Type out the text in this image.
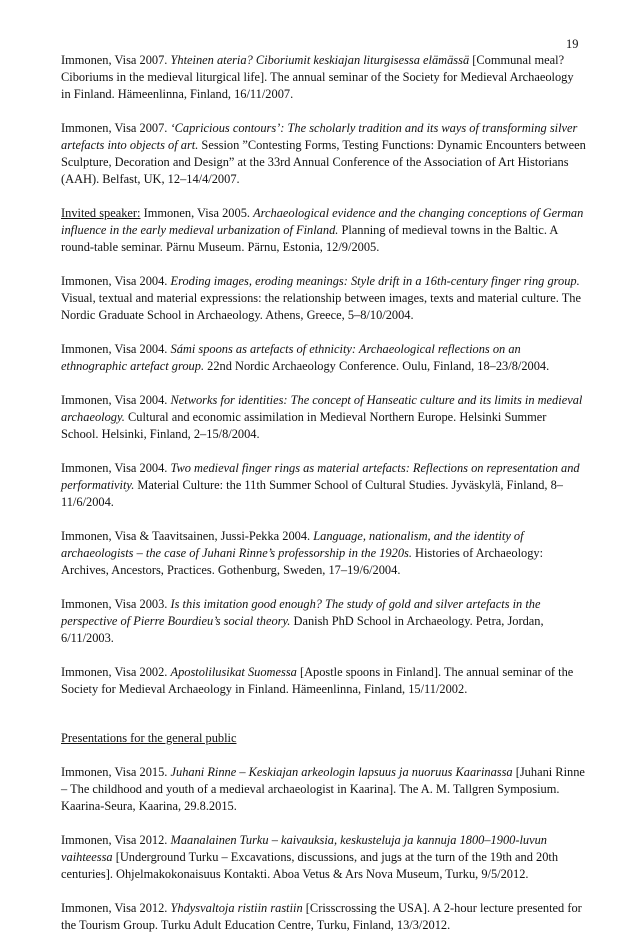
19
Immonen, Visa 2007. Yhteinen ateria? Ciboriumit keskiajan liturgisessa elämässä [Communal meal? Ciboriums in the medieval liturgical life]. The annual seminar of the Society for Medieval Archaeology in Finland. Hämeenlinna, Finland, 16/11/2007.
Immonen, Visa 2007. ‘Capricious contours’: The scholarly tradition and its ways of transforming silver artefacts into objects of art. Session ”Contesting Forms, Testing Functions: Dynamic Encounters between Sculpture, Decoration and Design” at the 33rd Annual Conference of the Association of Art Historians (AAH). Belfast, UK, 12–14/4/2007.
Invited speaker: Immonen, Visa 2005. Archaeological evidence and the changing conceptions of German influence in the early medieval urbanization of Finland. Planning of medieval towns in the Baltic. A round-table seminar. Pärnu Museum. Pärnu, Estonia, 12/9/2005.
Immonen, Visa 2004. Eroding images, eroding meanings: Style drift in a 16th-century finger ring group. Visual, textual and material expressions: the relationship between images, texts and material culture. The Nordic Graduate School in Archaeology. Athens, Greece, 5–8/10/2004.
Immonen, Visa 2004. Sámi spoons as artefacts of ethnicity: Archaeological reflections on an ethnographic artefact group. 22nd Nordic Archaeology Conference. Oulu, Finland, 18–23/8/2004.
Immonen, Visa 2004. Networks for identities: The concept of Hanseatic culture and its limits in medieval archaeology. Cultural and economic assimilation in Medieval Northern Europe. Helsinki Summer School. Helsinki, Finland, 2–15/8/2004.
Immonen, Visa 2004. Two medieval finger rings as material artefacts: Reflections on representation and performativity. Material Culture: the 11th Summer School of Cultural Studies. Jyväskylä, Finland, 8–11/6/2004.
Immonen, Visa & Taavitsainen, Jussi-Pekka 2004. Language, nationalism, and the identity of archaeologists – the case of Juhani Rinne’s professorship in the 1920s. Histories of Archaeology: Archives, Ancestors, Practices. Gothenburg, Sweden, 17–19/6/2004.
Immonen, Visa 2003. Is this imitation good enough? The study of gold and silver artefacts in the perspective of Pierre Bourdieu’s social theory. Danish PhD School in Archaeology. Petra, Jordan, 6/11/2003.
Immonen, Visa 2002. Apostolilusikat Suomessa [Apostle spoons in Finland]. The annual seminar of the Society for Medieval Archaeology in Finland. Hämeenlinna, Finland, 15/11/2002.
Presentations for the general public
Immonen, Visa 2015. Juhani Rinne – Keskiajan arkeologin lapsuus ja nuoruus Kaarinassa [Juhani Rinne – The childhood and youth of a medieval archaeologist in Kaarina]. The A. M. Tallgren Symposium. Kaarina-Seura, Kaarina, 29.8.2015.
Immonen, Visa 2012. Maanalainen Turku – kaivauksia, keskusteluja ja kannuja 1800–1900-luvun vaihteessa [Underground Turku – Excavations, discussions, and jugs at the turn of the 19th and 20th centuries]. Ohjelmakokonaisuus Kontakti. Aboa Vetus & Ars Nova Museum, Turku, 9/5/2012.
Immonen, Visa 2012. Yhdysvaltoja ristiin rastiin [Crisscrossing the USA]. A 2-hour lecture presented for the Tourism Group. Turku Adult Education Centre, Turku, Finland, 13/3/2012.
